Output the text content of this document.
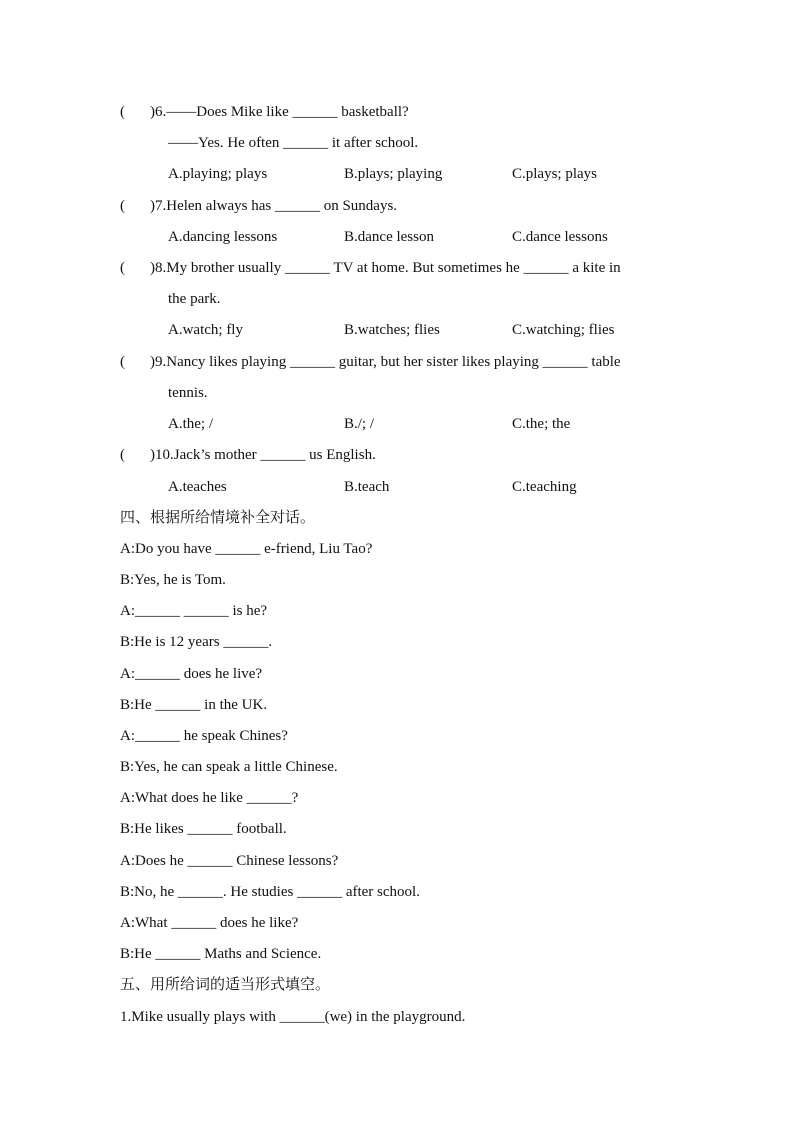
( )6.——Does Mike like ______ basketball?
——Yes. He often ______ it after school.
A.playing; plays	B.plays; playing	C.plays; plays
( )7.Helen always has ______ on Sundays.
A.dancing lessons	B.dance lesson	C.dance lessons
( )8.My brother usually ______ TV at home. But sometimes he ______ a kite in
the park.
A.watch; fly	B.watches; flies	C.watching; flies
( )9.Nancy likes playing ______ guitar, but her sister likes playing ______ table
tennis.
A.the; /	B./; /	C.the; the
( )10.Jack’s mother ______ us English.
A.teaches	B.teach	C.teaching
四、根据所给情境补全对话。
A:Do you have ______ e-friend, Liu Tao?
B:Yes, he is Tom.
A:______ ______ is he?
B:He is 12 years ______.
A:______ does he live?
B:He ______ in the UK.
A:______ he speak Chines?
B:Yes, he can speak a little Chinese.
A:What does he like ______?
B:He likes ______ football.
A:Does he ______ Chinese lessons?
B:No, he ______. He studies ______ after school.
A:What ______ does he like?
B:He ______ Maths and Science.
五、用所给词的适当形式填空。
1.Mike usually plays with ______(we) in the playground.
